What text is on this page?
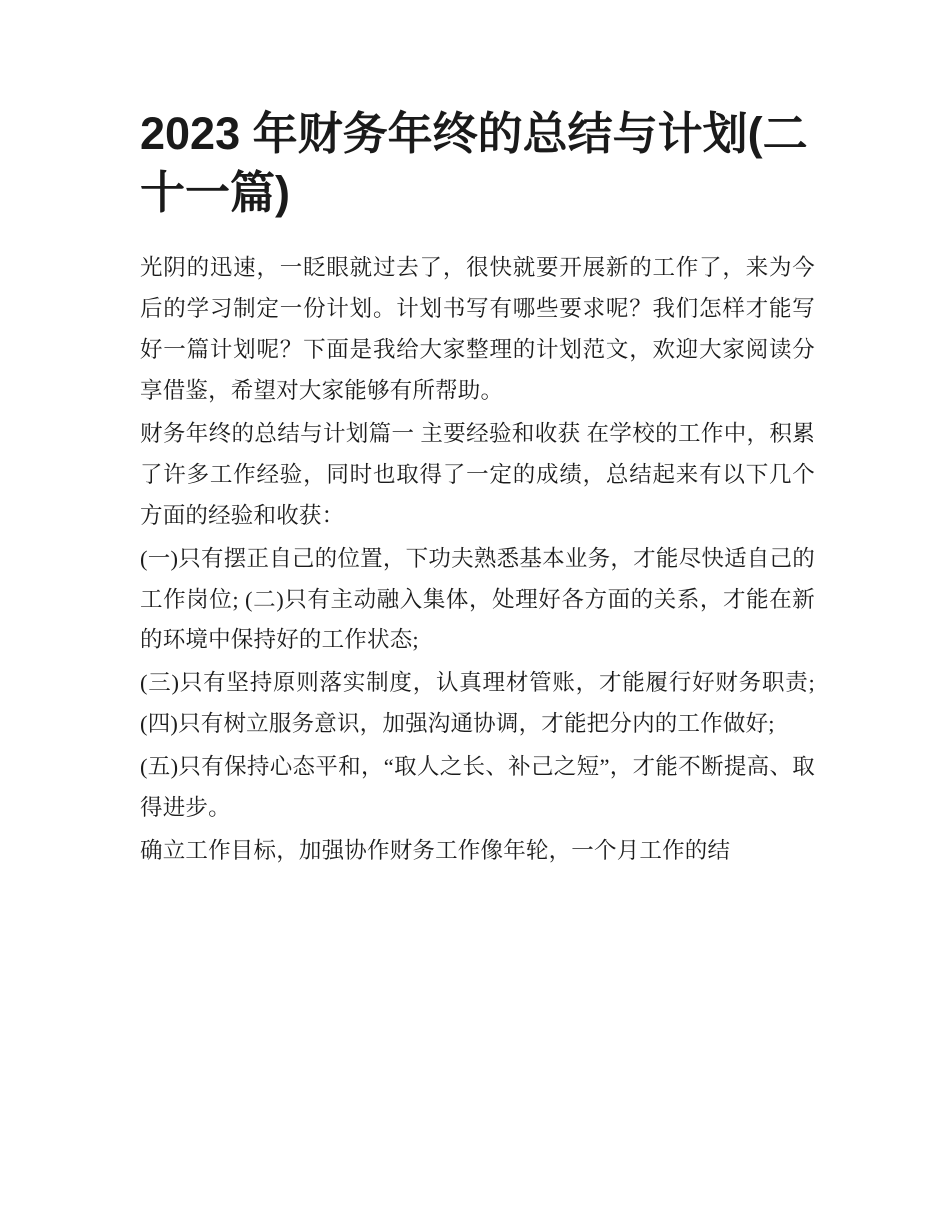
2023 年财务年终的总结与计划(二十一篇)

光阴的迅速，一眨眼就过去了，很快就要开展新的工作了，来为今后的学习制定一份计划。计划书写有哪些要求呢？我们怎样才能写好一篇计划呢？下面是我给大家整理的计划范文，欢迎大家阅读分享借鉴，希望对大家能够有所帮助。

财务年终的总结与计划篇一 主要经验和收获 在学校的工作中，积累了许多工作经验，同时也取得了一定的成绩，总结起来有以下几个方面的经验和收获：

(一)只有摆正自己的位置，下功夫熟悉基本业务，才能尽快适自己的工作岗位; (二)只有主动融入集体，处理好各方面的关系，才能在新的环境中保持好的工作状态;

(三)只有坚持原则落实制度，认真理材管账，才能履行好财务职责;(四)只有树立服务意识，加强沟通协调，才能把分内的工作做好;

(五)只有保持心态平和，“取人之长、补己之短”，才能不断提高、取得进步。

确立工作目标，加强协作财务工作像年轮，一个月工作的结
